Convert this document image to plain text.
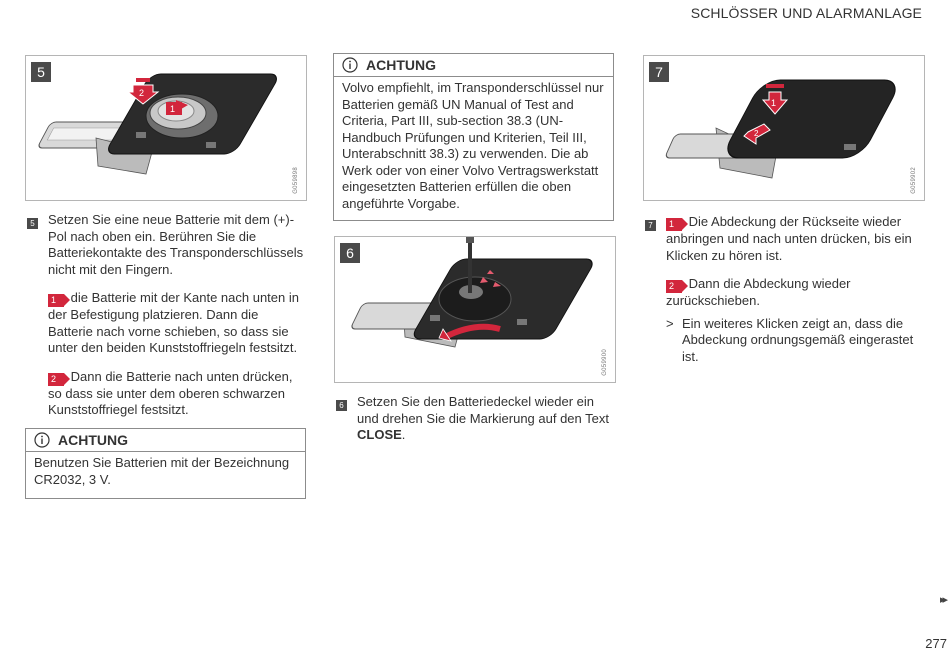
SCHLÖSSER UND ALARMANLAGE
1
2
5
G059898
5 Setzen Sie eine neue Batterie mit dem (+)-Pol nach oben ein. Berühren Sie die Batteriekontakte des Transponderschlüssels nicht mit den Fingern.

1 die Batterie mit der Kante nach unten in der Befestigung platzieren. Dann die Batterie nach vorne schieben, so dass sie unter den beiden Kunststoffriegeln festsitzt.

2 Dann die Batterie nach unten drücken, so dass sie unter dem oberen schwarzen Kunststoffriegel festsitzt.

ACHTUNG
Benutzen Sie Batterien mit der Bezeichnung CR2032, 3 V.
ACHTUNG
Volvo empfiehlt, im Transponderschlüssel nur Batterien gemäß UN Manual of Test and Criteria, Part III, sub-section 38.3 (UN-Handbuch Prüfungen und Kriterien, Teil III, Unterabschnitt 38.3) zu verwenden. Die ab Werk oder von einer Volvo Vertragswerkstatt eingesetzten Batterien erfüllen die oben angeführte Vorgabe.
6
G059900
6 Setzen Sie den Batteriedeckel wieder ein und drehen Sie die Markierung auf den Text CLOSE.

1
2
7
G059902
7	1 Die Abdeckung der Rückseite wieder anbringen und nach unten drücken, bis ein Klicken zu hören ist.

2 Dann die Abdeckung wieder zurückschieben.

> Ein weiteres Klicken zeigt an, dass die Abdeckung ordnungsgemäß eingerastet ist.
▸▸
277
